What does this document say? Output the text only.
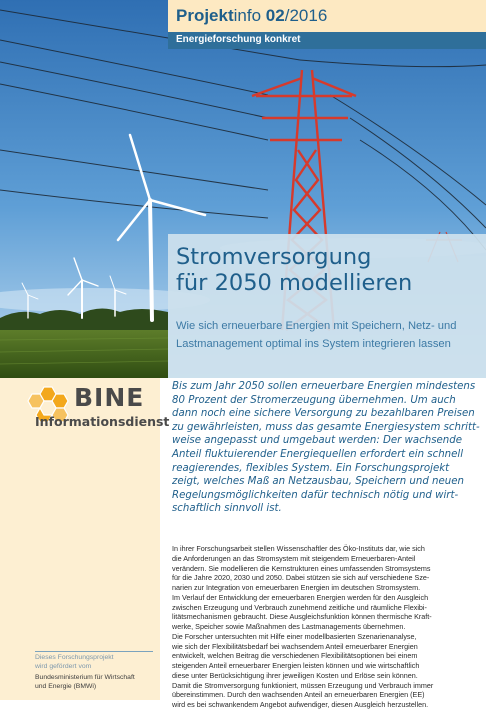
Projektinfo 02/2016
Energieforschung konkret
Stromversorgung
für 2050 modellieren
Wie sich erneuerbare Energien mit Speichern, Netz- und
Lastmanagement optimal ins System integrieren lassen
BINE
Informationsdienst
Dieses Forschungsprojekt
wird gefördert vom
Bundesministerium für Wirtschaft
und Energie (BMWi)
Bis zum Jahr 2050 sollen erneuerbare Energien mindestens
80 Prozent der Stromerzeugung übernehmen. Um auch
dann noch eine sichere Versorgung zu bezahlbaren Preisen
zu gewährleisten, muss das gesamte Energiesystem schritt-
weise angepasst und umgebaut werden: Der wachsende
Anteil fluktuierender Energiequellen erfordert ein schnell
reagierendes, flexibles System. Ein Forschungsprojekt
zeigt, welches Maß an Netzausbau, Speichern und neuen
Regelungsmöglichkeiten dafür technisch nötig und wirt-
schaftlich sinnvoll ist.
In ihrer Forschungsarbeit stellen Wissenschaftler des Öko-Instituts dar, wie sich
die Anforderungen an das Stromsystem mit steigendem Erneuerbaren-Anteil
verändern. Sie modellieren die Kernstrukturen eines umfassenden Stromsystems
für die Jahre 2020, 2030 und 2050. Dabei stützen sie sich auf verschiedene Sze-
narien zur Integration von erneuerbaren Energien im deutschen Stromsystem.
Im Verlauf der Entwicklung der erneuerbaren Energien werden für den Ausgleich
zwischen Erzeugung und Verbrauch zunehmend zeitliche und räumliche Flexibi-
litätsmechanismen gebraucht. Diese Ausgleichsfunktion können thermische Kraft-
werke, Speicher sowie Maßnahmen des Lastmanagements übernehmen.
Die Forscher untersuchten mit Hilfe einer modellbasierten Szenarienanalyse,
wie sich der Flexibilitätsbedarf bei wachsendem Anteil erneuerbarer Energien
entwickelt, welchen Beitrag die verschiedenen Flexibilitätsoptionen bei einem
steigenden Anteil erneuerbarer Energien leisten können und wie wirtschaftlich
diese unter Berücksichtigung ihrer jeweiligen Kosten und Erlöse sein können.
Damit die Stromversorgung funktioniert, müssen Erzeugung und Verbrauch immer
übereinstimmen. Durch den wachsenden Anteil an erneuerbaren Energien (EE)
wird es bei schwankendem Angebot aufwendiger, diesen Ausgleich herzustellen.
